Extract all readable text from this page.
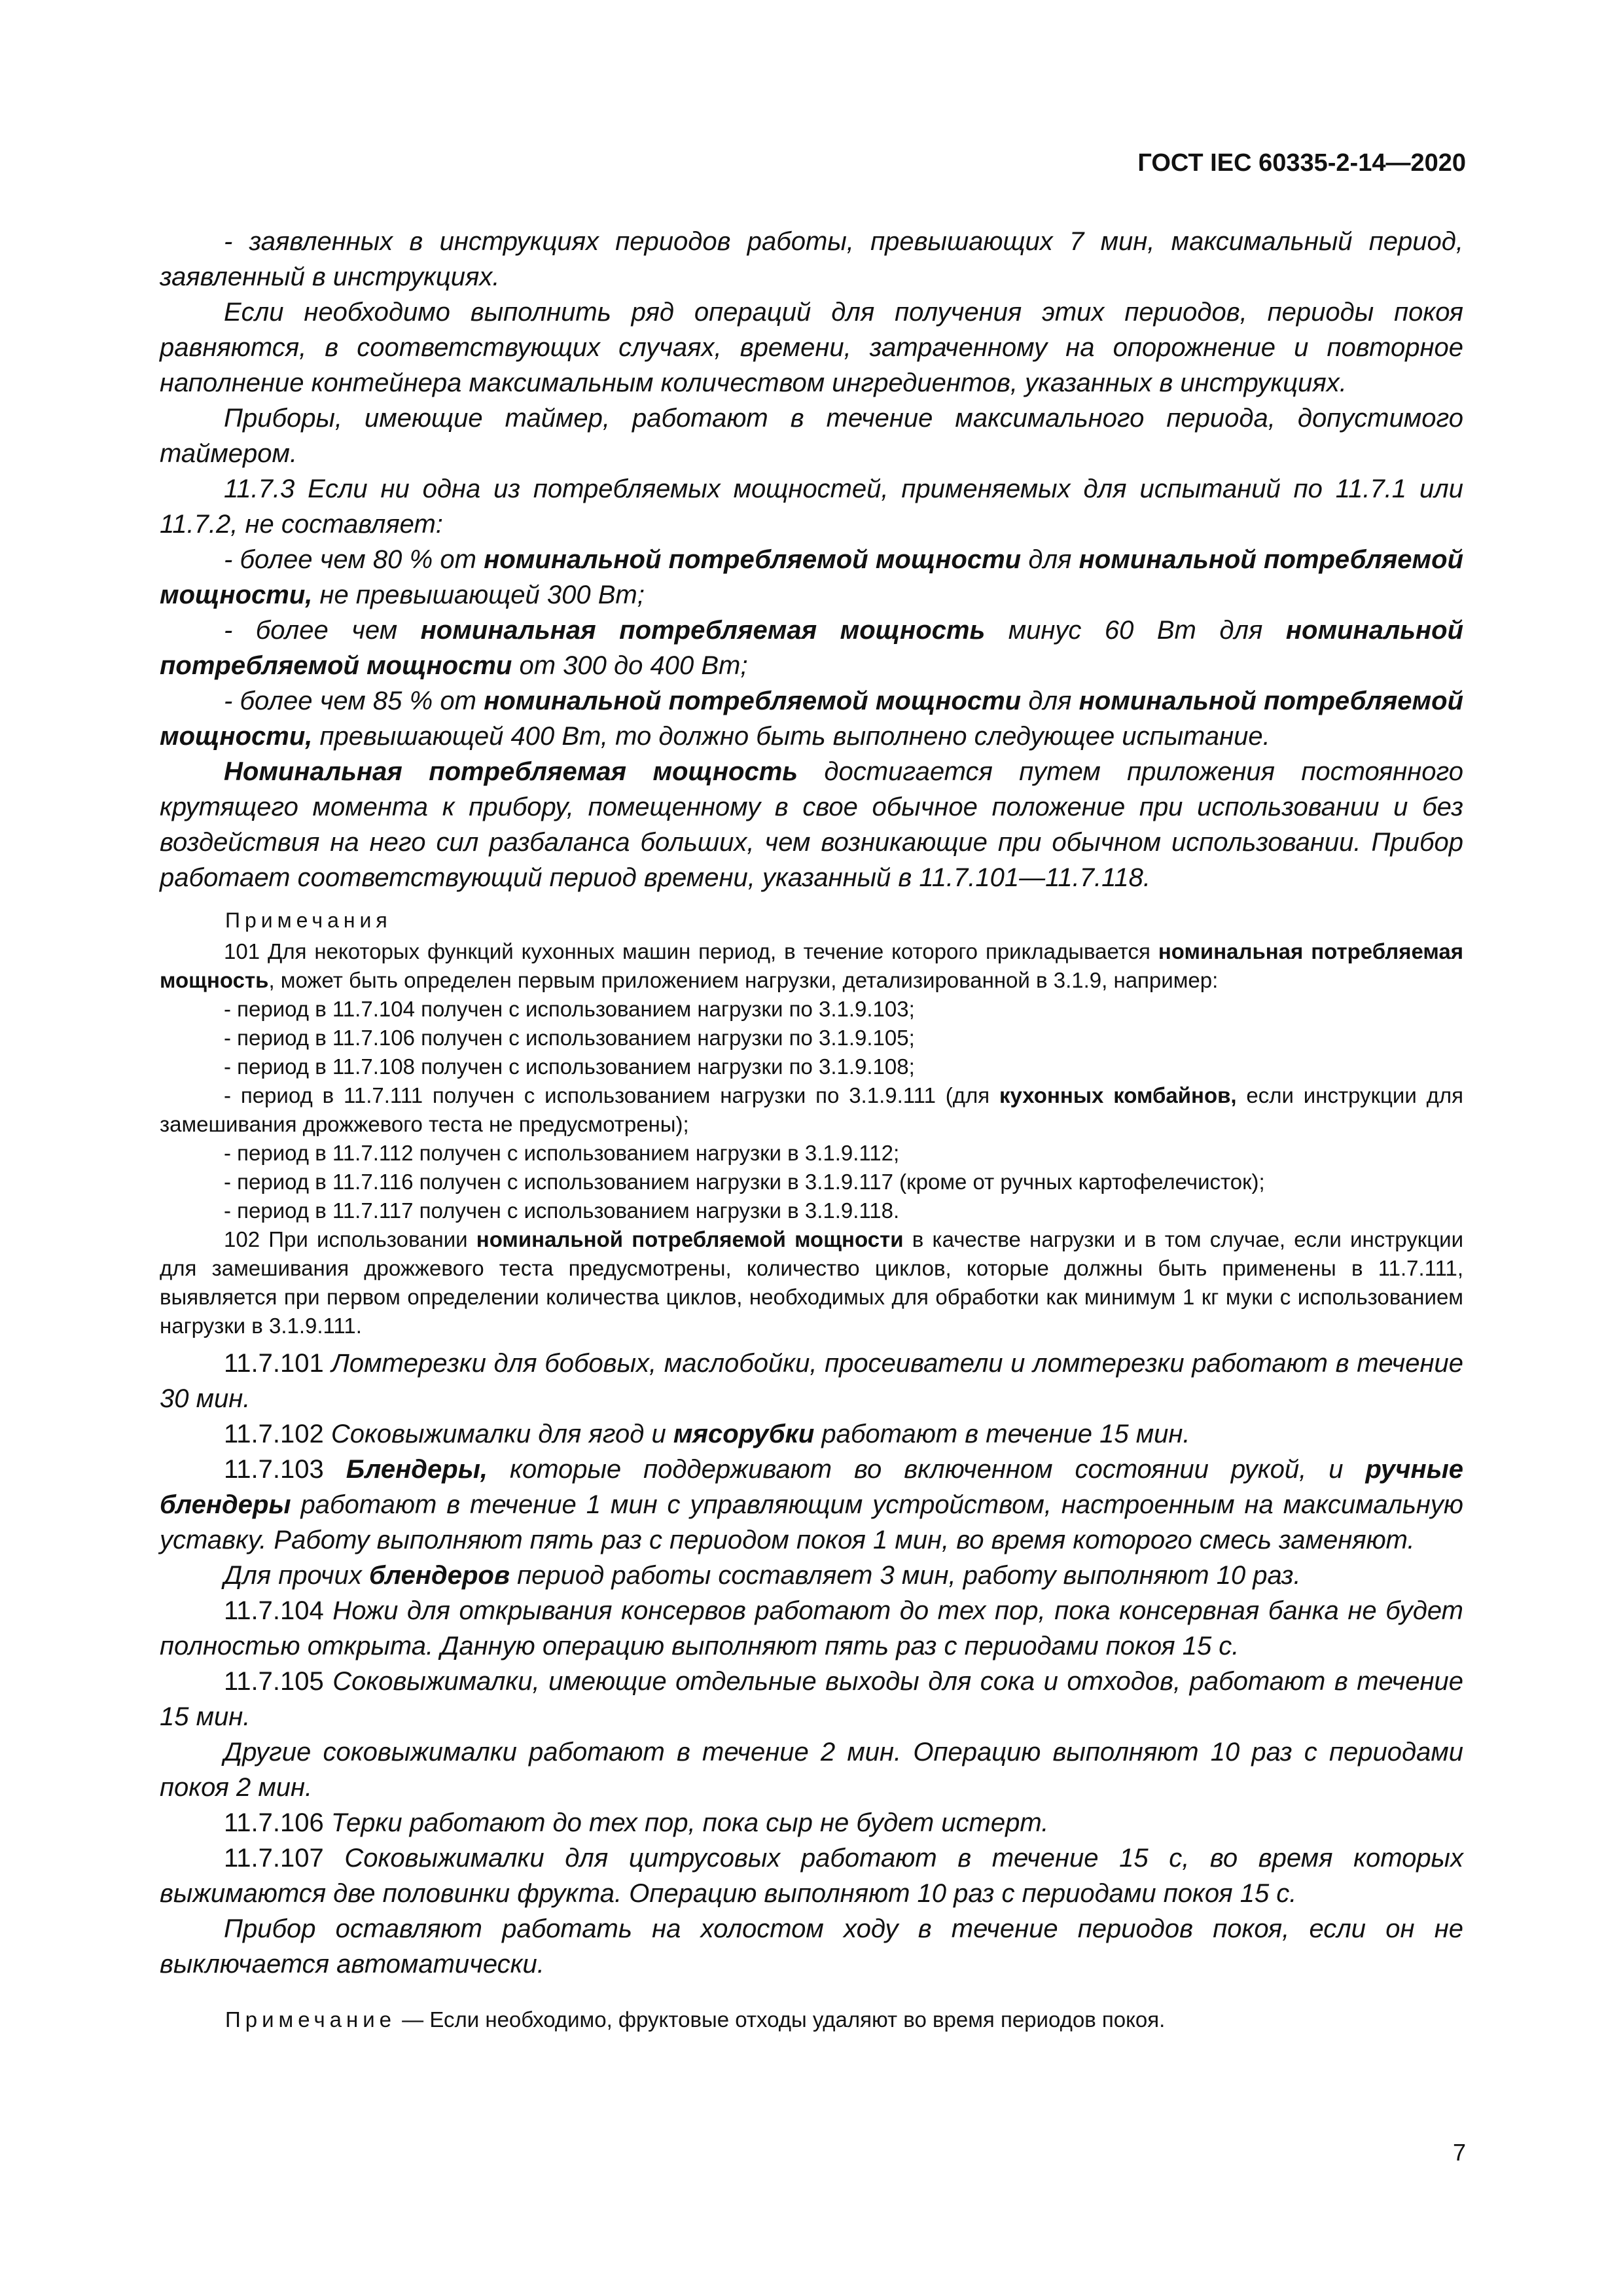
ГОСТ IEC 60335-2-14—2020

- заявленных в инструкциях периодов работы, превышающих 7 мин, максимальный период, заявленный в инструкциях.

Если необходимо выполнить ряд операций для получения этих периодов, периоды покоя равняются, в соответствующих случаях, времени, затраченному на опорожнение и повторное наполнение контейнера максимальным количеством ингредиентов, указанных в инструкциях.

Приборы, имеющие таймер, работают в течение максимального периода, допустимого таймером.

11.7.3 Если ни одна из потребляемых мощностей, применяемых для испытаний по 11.7.1 или 11.7.2, не составляет:

- более чем 80 % от номинальной потребляемой мощности для номинальной потребляемой мощности, не превышающей 300 Вт;

- более чем номинальная потребляемая мощность минус 60 Вт для номинальной потребляемой мощности от 300 до 400 Вт;

- более чем 85 % от номинальной потребляемой мощности для номинальной потребляемой мощности, превышающей 400 Вт, то должно быть выполнено следующее испытание.

Номинальная потребляемая мощность достигается путем приложения постоянного крутящего момента к прибору, помещенному в свое обычное положение при использовании и без воздействия на него сил разбаланса больших, чем возникающие при обычном использовании. Прибор работает соответствующий период времени, указанный в 11.7.101—11.7.118.

Примечания

101 Для некоторых функций кухонных машин период, в течение которого прикладывается номинальная потребляемая мощность, может быть определен первым приложением нагрузки, детализированной в 3.1.9, например:

- период в 11.7.104 получен с использованием нагрузки по 3.1.9.103;

- период в 11.7.106 получен с использованием нагрузки по 3.1.9.105;

- период в 11.7.108 получен с использованием нагрузки по 3.1.9.108;

- период в 11.7.111 получен с использованием нагрузки по 3.1.9.111 (для кухонных комбайнов, если инструкции для замешивания дрожжевого теста не предусмотрены);

- период в 11.7.112 получен с использованием нагрузки в 3.1.9.112;

- период в 11.7.116 получен с использованием нагрузки в 3.1.9.117 (кроме от ручных картофелечисток);

- период в 11.7.117 получен с использованием нагрузки в 3.1.9.118.

102 При использовании номинальной потребляемой мощности в качестве нагрузки и в том случае, если инструкции для замешивания дрожжевого теста предусмотрены, количество циклов, которые должны быть применены в 11.7.111, выявляется при первом определении количества циклов, необходимых для обработки как минимум 1 кг муки с использованием нагрузки в 3.1.9.111.

11.7.101 Ломтерезки для бобовых, маслобойки, просеиватели и ломтерезки работают в течение 30 мин.

11.7.102 Соковыжималки для ягод и мясорубки работают в течение 15 мин.

11.7.103 Блендеры, которые поддерживают во включенном состоянии рукой, и ручные блендеры работают в течение 1 мин с управляющим устройством, настроенным на максимальную уставку. Работу выполняют пять раз с периодом покоя 1 мин, во время которого смесь заменяют.

Для прочих блендеров период работы составляет 3 мин, работу выполняют 10 раз.

11.7.104 Ножи для открывания консервов работают до тех пор, пока консервная банка не будет полностью открыта. Данную операцию выполняют пять раз с периодами покоя 15 с.

11.7.105 Соковыжималки, имеющие отдельные выходы для сока и отходов, работают в течение 15 мин.

Другие соковыжималки работают в течение 2 мин. Операцию выполняют 10 раз с периодами покоя 2 мин.

11.7.106 Терки работают до тех пор, пока сыр не будет истерт.

11.7.107 Соковыжималки для цитрусовых работают в течение 15 с, во время которых выжимаются две половинки фрукта. Операцию выполняют 10 раз с периодами покоя 15 с.

Прибор оставляют работать на холостом ходу в течение периодов покоя, если он не выключается автоматически.

Примечание — Если необходимо, фруктовые отходы удаляют во время периодов покоя.
7
